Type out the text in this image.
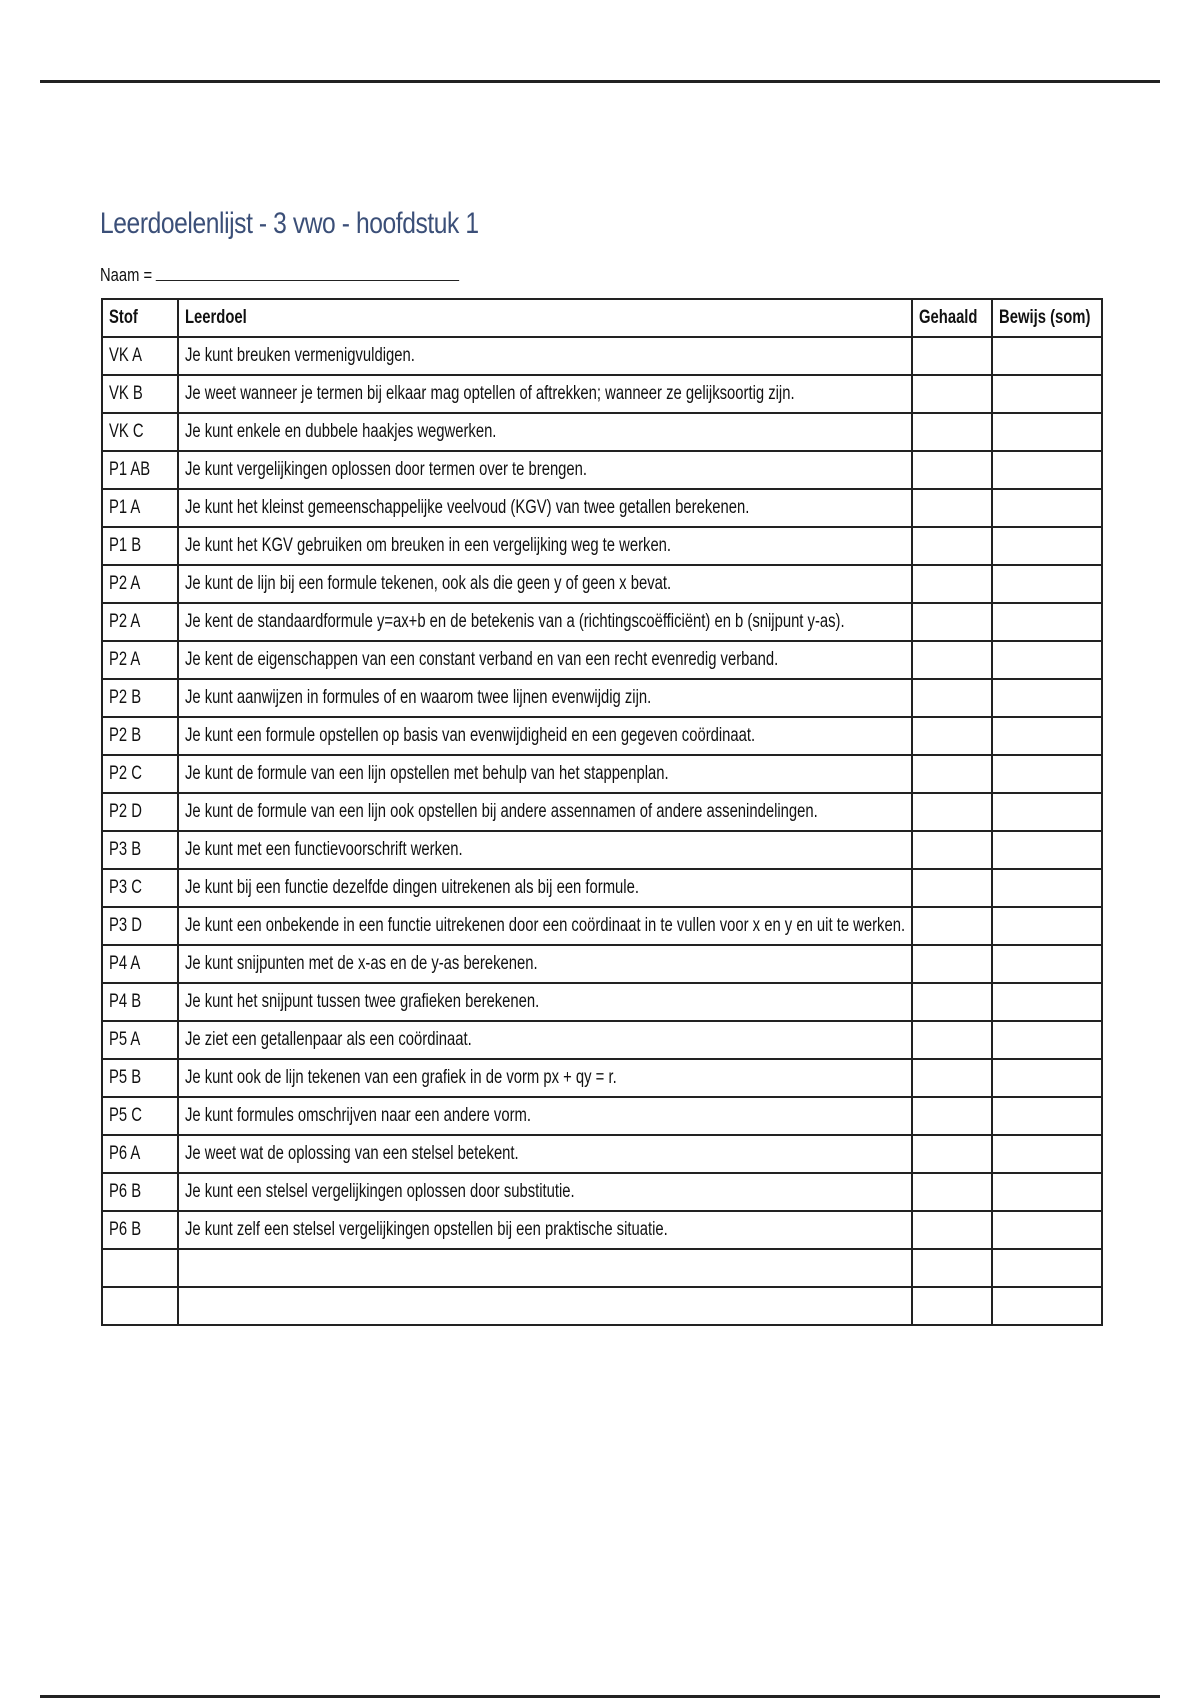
Leerdoelenlijst - 3 vwo - hoofdstuk 1
Naam =
Stof	Leerdoel	Gehaald	Bewijs (som)
VK A	Je kunt breuken vermenigvuldigen.		
VK B	Je weet wanneer je termen bij elkaar mag optellen of aftrekken; wanneer ze gelijksoortig zijn.		
VK C	Je kunt enkele en dubbele haakjes wegwerken.		
P1 AB	Je kunt vergelijkingen oplossen door termen over te brengen.		
P1 A	Je kunt het kleinst gemeenschappelijke veelvoud (KGV) van twee getallen berekenen.		
P1 B	Je kunt het KGV gebruiken om breuken in een vergelijking weg te werken.		
P2 A	Je kunt de lijn bij een formule tekenen, ook als die geen y of geen x bevat.		
P2 A	Je kent de standaardformule y=ax+b en de betekenis van a (richtingscoëfficiënt) en b (snijpunt y-as).		
P2 A	Je kent de eigenschappen van een constant verband en van een recht evenredig verband.		
P2 B	Je kunt aanwijzen in formules of en waarom twee lijnen evenwijdig zijn.		
P2 B	Je kunt een formule opstellen op basis van evenwijdigheid en een gegeven coördinaat.		
P2 C	Je kunt de formule van een lijn opstellen met behulp van het stappenplan.		
P2 D	Je kunt de formule van een lijn ook opstellen bij andere assennamen of andere assenindelingen.		
P3 B	Je kunt met een functievoorschrift werken.		
P3 C	Je kunt bij een functie dezelfde dingen uitrekenen als bij een formule.		
P3 D	Je kunt een onbekende in een functie uitrekenen door een coördinaat in te vullen voor x en y en uit te werken.		
P4 A	Je kunt snijpunten met de x-as en de y-as berekenen.		
P4 B	Je kunt het snijpunt tussen twee grafieken berekenen.		
P5 A	Je ziet een getallenpaar als een coördinaat.		
P5 B	Je kunt ook de lijn tekenen van een grafiek in de vorm px + qy = r.		
P5 C	Je kunt formules omschrijven naar een andere vorm.		
P6 A	Je weet wat de oplossing van een stelsel betekent.		
P6 B	Je kunt een stelsel vergelijkingen oplossen door substitutie.		
P6 B	Je kunt zelf een stelsel vergelijkingen opstellen bij een praktische situatie.		
